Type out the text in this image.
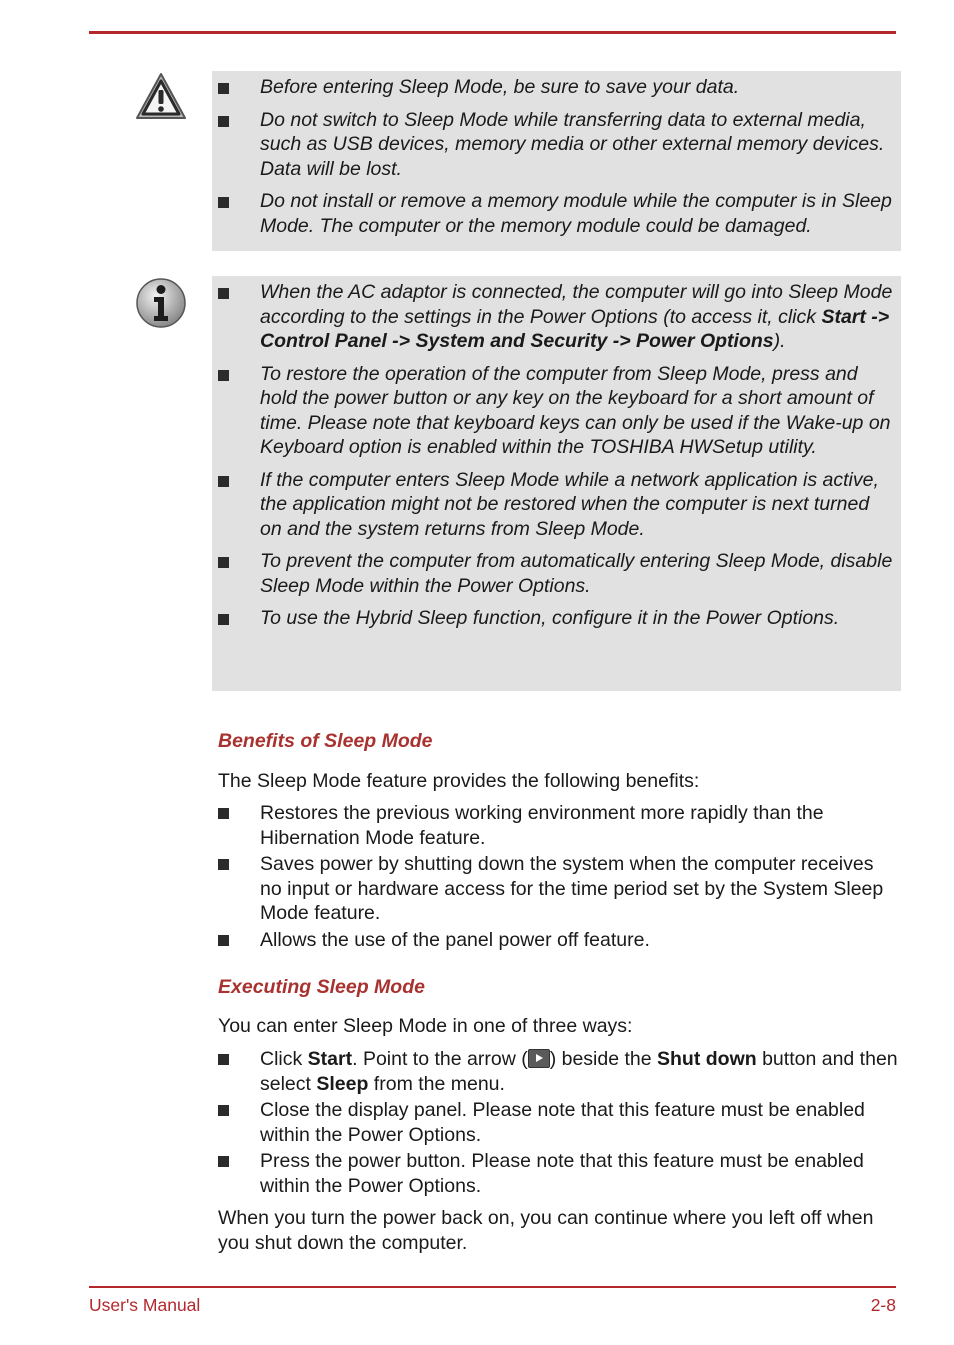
Before entering Sleep Mode, be sure to save your data.
Do not switch to Sleep Mode while transferring data to external media, such as USB devices, memory media or other external memory devices. Data will be lost.
Do not install or remove a memory module while the computer is in Sleep Mode. The computer or the memory module could be damaged.
When the AC adaptor is connected, the computer will go into Sleep Mode according to the settings in the Power Options (to access it, click Start -> Control Panel -> System and Security -> Power Options).
To restore the operation of the computer from Sleep Mode, press and hold the power button or any key on the keyboard for a short amount of time. Please note that keyboard keys can only be used if the Wake-up on Keyboard option is enabled within the TOSHIBA HWSetup utility.
If the computer enters Sleep Mode while a network application is active, the application might not be restored when the computer is next turned on and the system returns from Sleep Mode.
To prevent the computer from automatically entering Sleep Mode, disable Sleep Mode within the Power Options.
To use the Hybrid Sleep function, configure it in the Power Options.
Benefits of Sleep Mode

The Sleep Mode feature provides the following benefits:

Restores the previous working environment more rapidly than the Hibernation Mode feature.
Saves power by shutting down the system when the computer receives no input or hardware access for the time period set by the System Sleep Mode feature.
Allows the use of the panel power off feature.
Executing Sleep Mode

You can enter Sleep Mode in one of three ways:

Click Start. Point to the arrow ( ) beside the Shut down button and then select Sleep from the menu.
Close the display panel. Please note that this feature must be enabled within the Power Options.
Press the power button. Please note that this feature must be enabled within the Power Options.

When you turn the power back on, you can continue where you left off when you shut down the computer.

User's Manual	2-8
